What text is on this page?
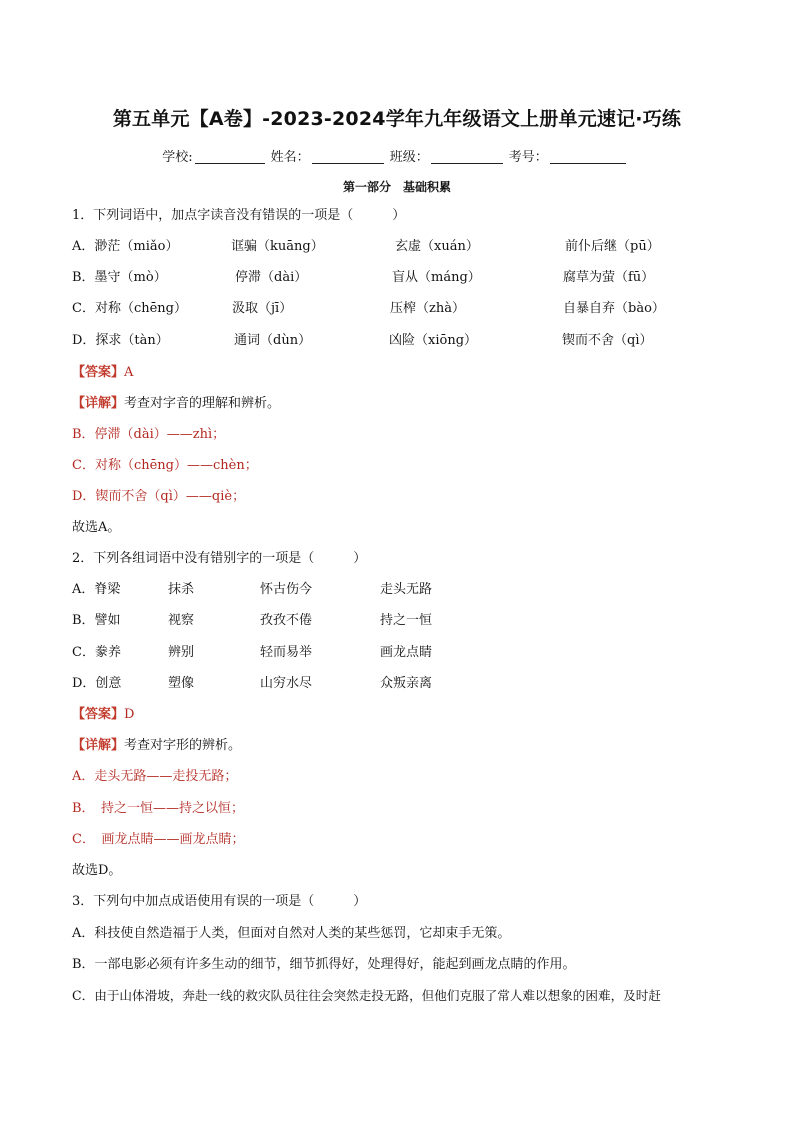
第五单元【A卷】-2023-2024学年九年级语文上册单元速记·巧练
学校:	姓名：	班级：	考号：
第一部分　基础积累
1．下列词语中，加点字读音没有错误的一项是（　　　）
A．渺茫（miǎo）	诓骗（kuāng）	玄虚（xuán）	前仆后继（pū）
B．墨守（mò）	停滞（dài）	盲从（máng）	腐草为萤（fū）
C．对称（chēng）	汲取（jī）	压榨（zhà）	自暴自弃（bào）
D．探求（tàn）	通词（dùn）	凶险（xiōng）	锲而不舍（qì）
【答案】A
【详解】考查对字音的理解和辨析。
B．停滞（dài）——zhì；
C．对称（chēng）——chèn；
D．锲而不舍（qì）——qiè；
故选A。
2．下列各组词语中没有错别字的一项是（　　　）
A．脊梁	抹杀	怀古伤今	走头无路
B．譬如	视察	孜孜不倦	持之一恒
C．豢养	辨别	轻而易举	画龙点睛
D．创意	塑像	山穷水尽	众叛亲离
【答案】D
【详解】考查对字形的辨析。
A．走头无路——走投无路；
B．　持之一恒——持之以恒；
C．　画龙点睛——画龙点睛；
故选D。
3．下列句中加点成语使用有误的一项是（　　　）
A．科技使自然造福于人类，但面对自然对人类的某些惩罚，它却束手无策。
B．一部电影必须有许多生动的细节，细节抓得好，处理得好，能起到画龙点睛的作用。
C．由于山体滑坡，奔赴一线的救灾队员往往会突然走投无路，但他们克服了常人难以想象的困难，及时赶
